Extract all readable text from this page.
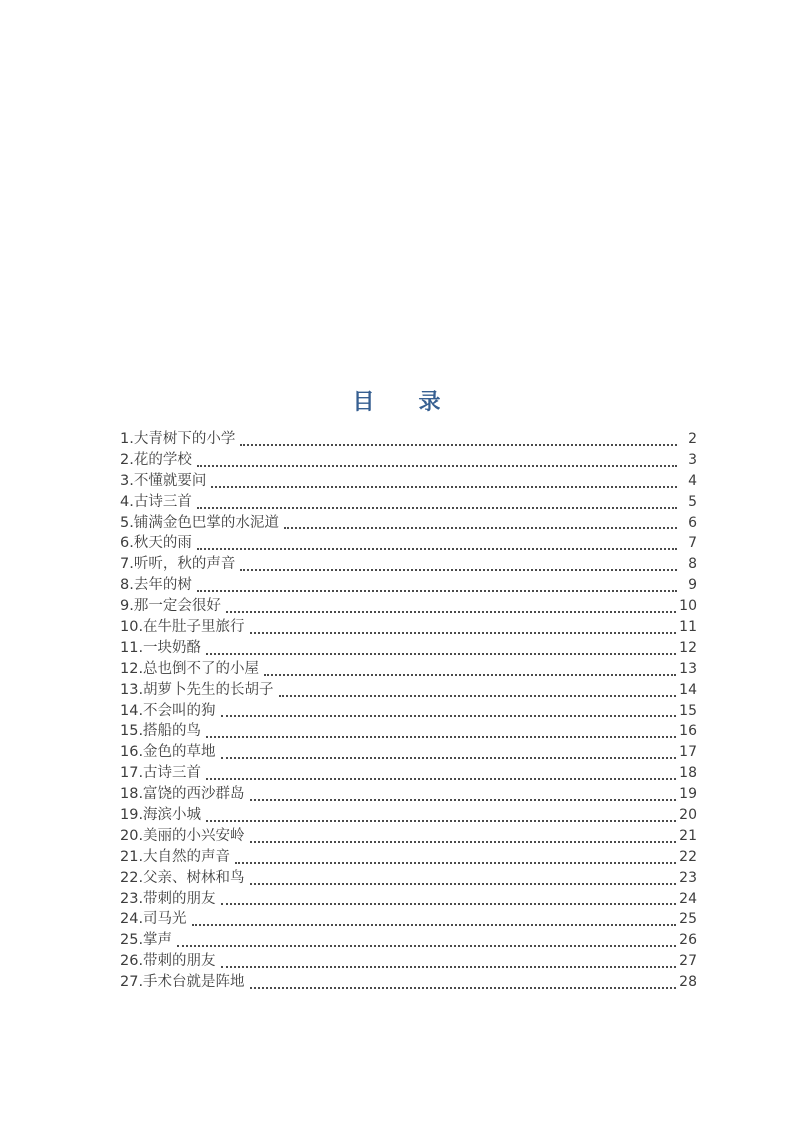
目　　录
1.大青树下的小学	2
2.花的学校	3
3.不懂就要问	4
4.古诗三首	5
5.铺满金色巴掌的水泥道	6
6.秋天的雨	7
7.听听，秋的声音	8
8.去年的树	9
9.那一定会很好	10
10.在牛肚子里旅行	11
11.一块奶酪	12
12.总也倒不了的小屋	13
13.胡萝卜先生的长胡子	14
14.不会叫的狗	15
15.搭船的鸟	16
16.金色的草地	17
17.古诗三首	18
18.富饶的西沙群岛	19
19.海滨小城	20
20.美丽的小兴安岭	21
21.大自然的声音	22
22.父亲、树林和鸟	23
23.带刺的朋友	24
24.司马光	25
25.掌声	26
26.带刺的朋友	27
27.手术台就是阵地	28
